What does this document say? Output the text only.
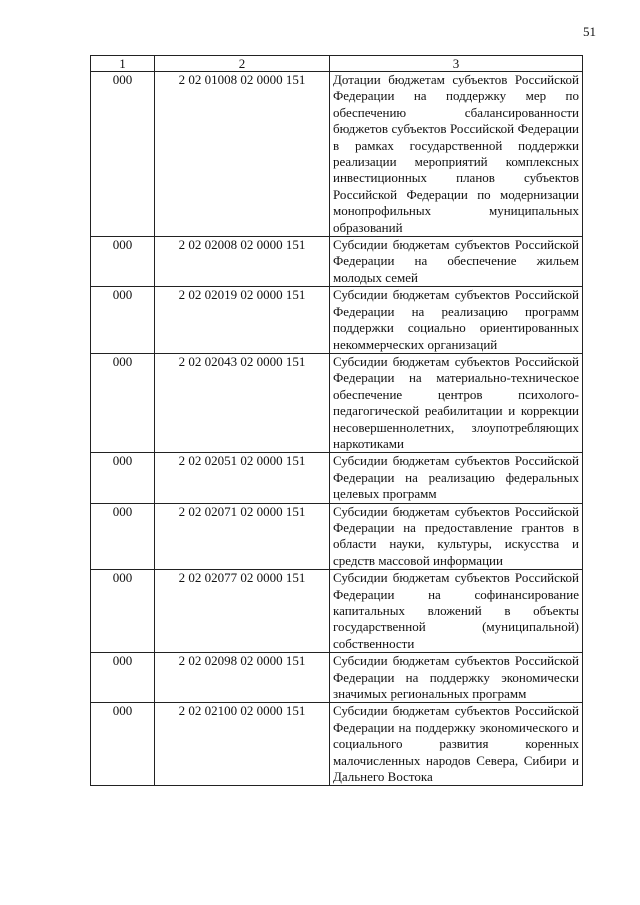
51
1	2	3
000	2 02 01008 02 0000 151	Дотации бюджетам субъектов Российской Федерации на поддержку мер по обеспечению сбалансированности бюджетов субъектов Российской Федерации в рамках государственной поддержки реализации мероприятий комплексных инвестиционных планов субъектов Российской Федерации по модернизации монопрофильных муниципальных образований
000	2 02 02008 02 0000 151	Субсидии бюджетам субъектов Российской Федерации на обеспечение жильем молодых семей
000	2 02 02019 02 0000 151	Субсидии бюджетам субъектов Российской Федерации на реализацию программ поддержки социально ориентированных некоммерческих организаций
000	2 02 02043 02 0000 151	Субсидии бюджетам субъектов Российской Федерации на материально-техническое обеспечение центров психолого-педагогической реабилитации и коррекции несовершеннолетних, злоупотребляющих наркотиками
000	2 02 02051 02 0000 151	Субсидии бюджетам субъектов Российской Федерации на реализацию федеральных целевых программ
000	2 02 02071 02 0000 151	Субсидии бюджетам субъектов Российской Федерации на предоставление грантов в области науки, культуры, искусства и средств массовой информации
000	2 02 02077 02 0000 151	Субсидии бюджетам субъектов Российской Федерации на софинансирование капитальных вложений в объекты государственной (муниципальной) собственности
000	2 02 02098 02 0000 151	Субсидии бюджетам субъектов Российской Федерации на поддержку экономически значимых региональных программ
000	2 02 02100 02 0000 151	Субсидии бюджетам субъектов Российской Федерации на поддержку экономического и социального развития коренных малочисленных народов Севера, Сибири и Дальнего Востока
